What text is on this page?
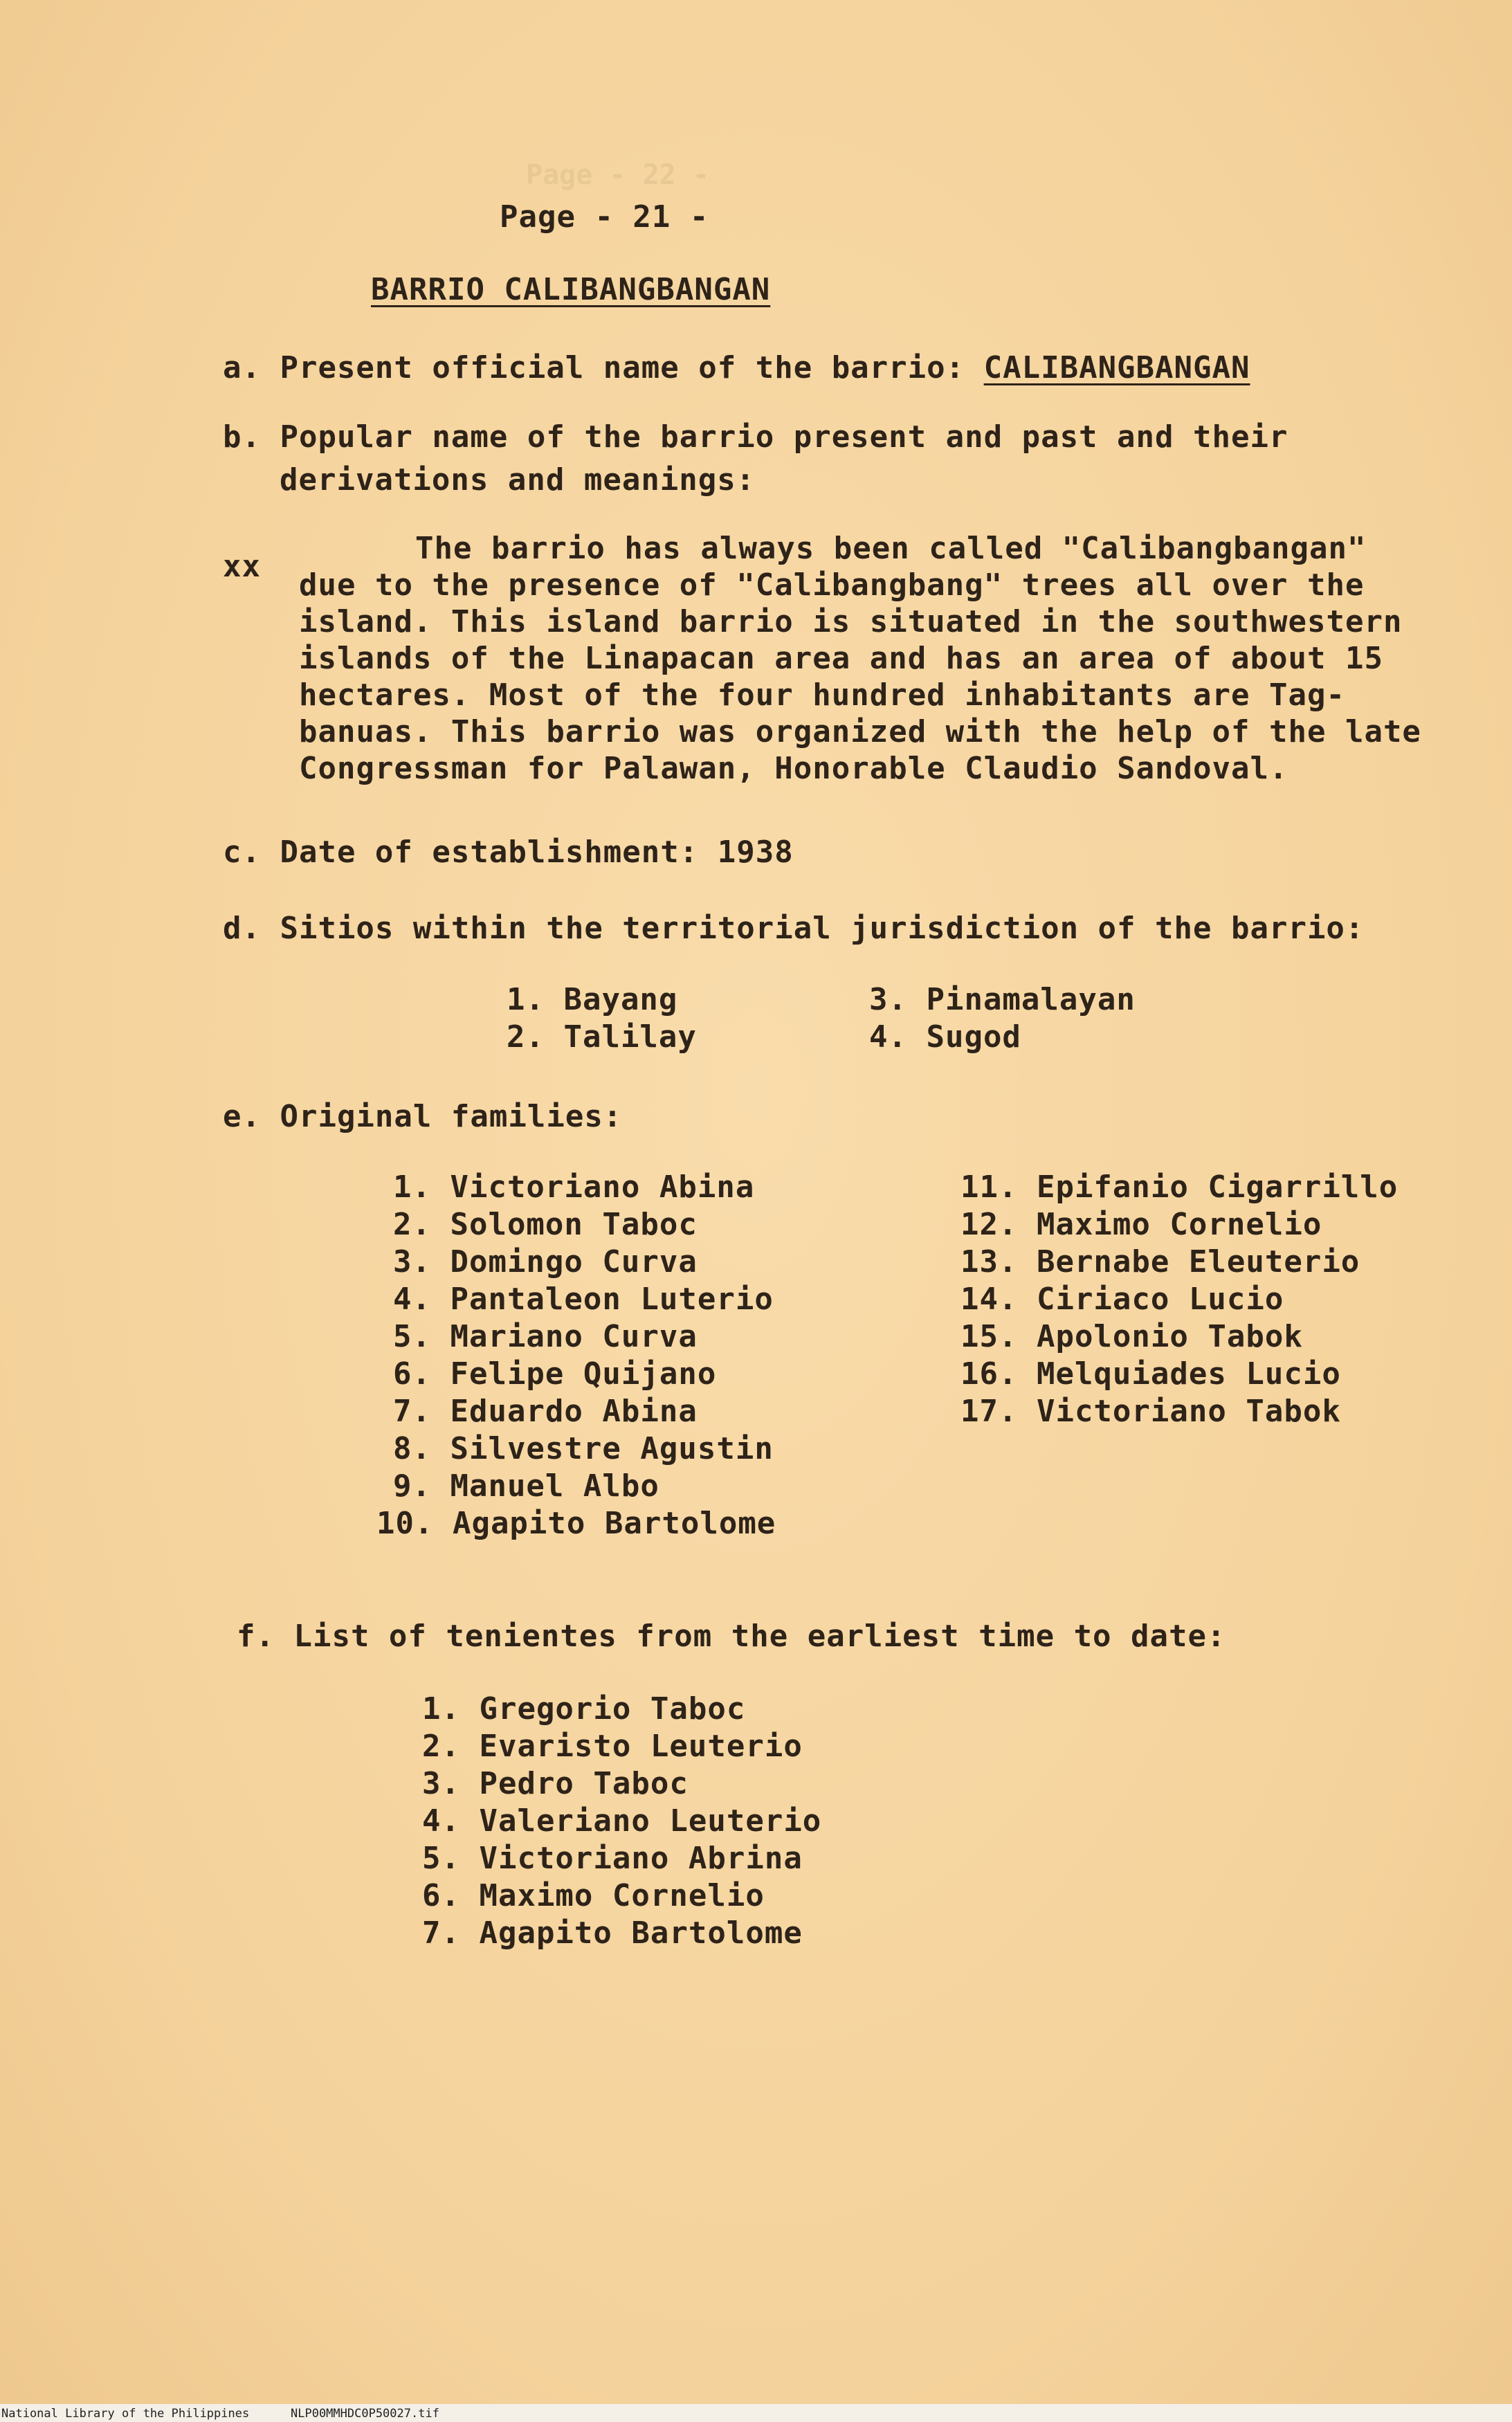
Page - 22 -
Page - 21 -
BARRIO CALIBANGBANGAN
a. Present official name of the barrio: CALIBANGBANGAN
b. Popular name of the barrio present and past and their
derivations and meanings:
xx
The barrio has always been called "Calibangbangan"
due to the presence of "Calibangbang" trees all over the
island. This island barrio is situated in the southwestern
islands of the Linapacan area and has an area of about 15
hectares. Most of the four hundred inhabitants are Tag-
banuas. This barrio was organized with the help of the late
Congressman for Palawan, Honorable Claudio Sandoval.
c. Date of establishment: 1938
d. Sitios within the territorial jurisdiction of the barrio:
1. Bayang
2. Talilay
3. Pinamalayan
4. Sugod
e. Original families:
1. Victoriano Abina
2. Solomon Taboc
3. Domingo Curva
4. Pantaleon Luterio
5. Mariano Curva
6. Felipe Quijano
7. Eduardo Abina
8. Silvestre Agustin
9. Manuel Albo
10. Agapito Bartolome
11. Epifanio Cigarrillo
12. Maximo Cornelio
13. Bernabe Eleuterio
14. Ciriaco Lucio
15. Apolonio Tabok
16. Melquiades Lucio
17. Victoriano Tabok
f. List of tenientes from the earliest time to date:
1. Gregorio Taboc
2. Evaristo Leuterio
3. Pedro Taboc
4. Valeriano Leuterio
5. Victoriano Abrina
6. Maximo Cornelio
7. Agapito Bartolome
National Library of the Philippines	NLP00MMHDC0P50027.tif
